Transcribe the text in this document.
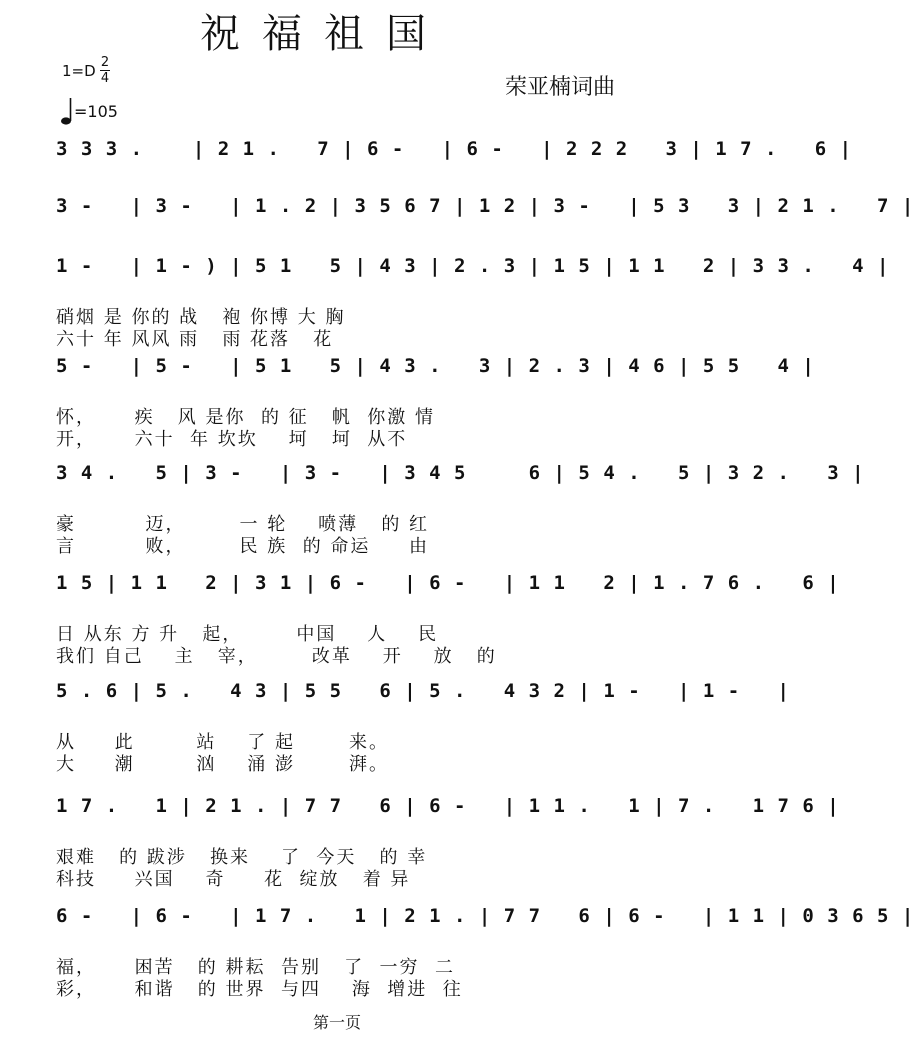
祝福祖国
1=D 2
4
=105
荣亚楠词曲
3 3 3 .    | 2 1 .   7 | 6 -   | 6 -   | 2 2 2   3 | 1 7 .   6 |
3 -   | 3 -   | 1 . 2 | 3 5 6 7 | 1 2 | 3 -   | 5 3   3 | 2 1 .   7 |
1 -   | 1 - ) | 5 1   5 | 4 3 | 2 . 3 | 1 5 | 1 1   2 | 3 3 .   4 |
硝烟 是 你的 战   袍 你博 大 胸
六十 年 风风 雨   雨 花落   花
5 -   | 5 -   | 5 1   5 | 4 3 .   3 | 2 . 3 | 4 6 | 5 5   4 |
怀，     疾   风 是你  的 征   帆  你激 情
开，     六十  年 坎坎    坷   坷  从不
3 4 .   5 | 3 -   | 3 -   | 3 4 5     6 | 5 4 .   5 | 3 2 .   3 |
豪         迈，       一 轮    喷薄   的 红
言         败，       民 族  的 命运     由
1 5 | 1 1   2 | 3 1 | 6 -   | 6 -   | 1 1   2 | 1 . 7 6 .   6 |
日 从东 方 升   起，       中国    人    民
我们 自己    主   宰，       改革    开    放   的
5 . 6 | 5 .   4 3 | 5 5   6 | 5 .   4 3 2 | 1 -   | 1 -   |
从     此        站    了 起       来。
大     潮        汹    涌 澎       湃。
1 7 .   1 | 2 1 . | 7 7   6 | 6 -   | 1 1 .   1 | 7 .   1 7 6 |
艰难   的 跋涉   换来    了  今天   的 幸
科技     兴国    奇     花  绽放   着 异
6 -   | 6 -   | 1 7 .   1 | 2 1 . | 7 7   6 | 6 -   | 1 1 | 0 3 6 5 |
福，     困苦   的 耕耘  告别   了  一穷  二
彩，     和谐   的 世界  与四    海  增进  往
第一页
